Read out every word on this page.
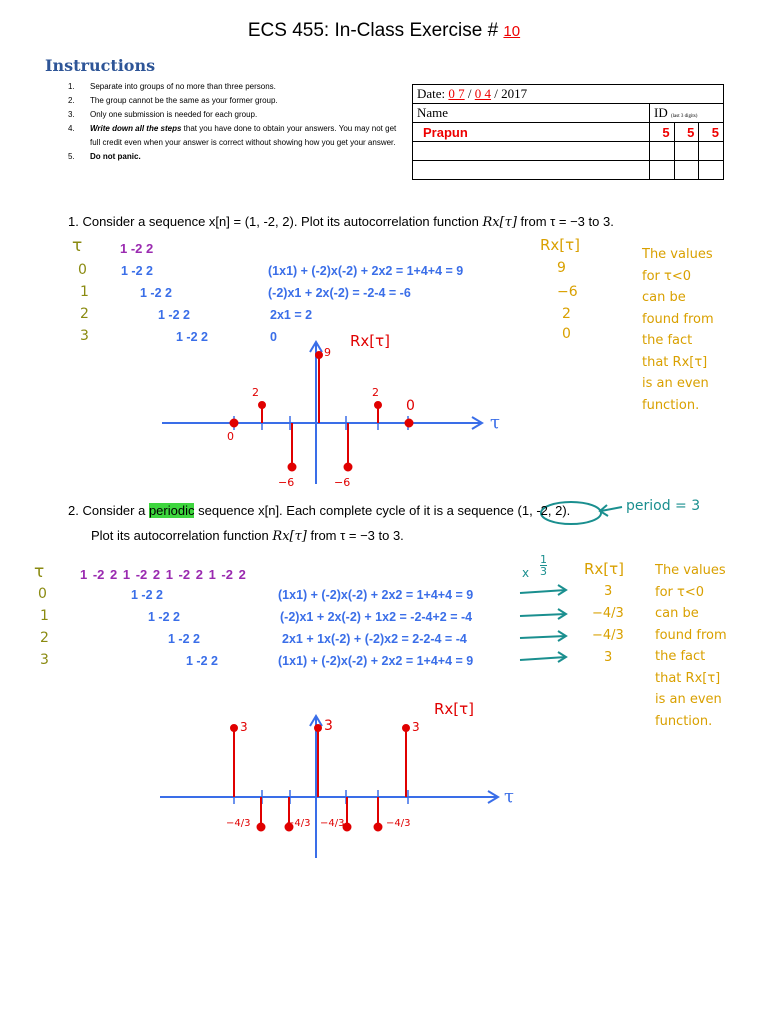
ECS 455: In-Class Exercise # 10
Instructions
1.	Separate into groups of no more than three persons.
2.	The group cannot be the same as your former group.
3.	Only one submission is needed for each group.
4.	Write down all the steps that you have done to obtain your answers. You may not get full credit even when your answer is correct without showing how you get your answer.
5.	Do not panic.
Date: 0 7 / 0 4 / 2017			
Name	ID (last 3 digits)		
Prapun	5	5	5

1. Consider a sequence x[n] = (1, -2, 2). Plot its autocorrelation function Rx[τ] from τ = −3 to 3.
τ	1 -2 2	Rx[τ]
0	1 -2 2	(1x1) + (-2)x(-2) + 2x2 = 1+4+4 = 9	9
1	1 -2 2	(-2)x1 + 2x(-2) = -2-4 = -6	−6
2	1 -2 2	2x1 = 2	2
3	1 -2 2	0	0
The values
for τ<0
can be
found from
the fact
that Rx[τ]
is an even
function.
Rx[τ]
τ
0
2
−6
9
−6
2
0
2. Consider a periodic sequence x[n]. Each complete cycle of it is a sequence (1, -2, 2).	period = 3
Plot its autocorrelation function Rx[τ] from τ = −3 to 3.
τ	1 -2 2 1 -2 2 1 -2 2 1 -2 2	x $\frac{1}{3} Rx[\tau]$
0	1 -2 2	(1x1) + (-2)x(-2) + 2x2 = 1+4+4 = 9	3
1	1 -2 2	(-2)x1 + 2x(-2) + 1x2 = -2-4+2 = -4	−4/3
2	1 -2 2	2x1 + 1x(-2) + (-2)x2 = 2-2-4 = -4	−4/3
3	1 -2 2	(1x1) + (-2)x(-2) + 2x2 = 1+4+4 = 9	3
The values
for τ<0
can be
found from
the fact
that Rx[τ]
is an even
function.
Rx[τ]
τ
3	3	3
−4/3	−4/3 −4/3	−4/3
